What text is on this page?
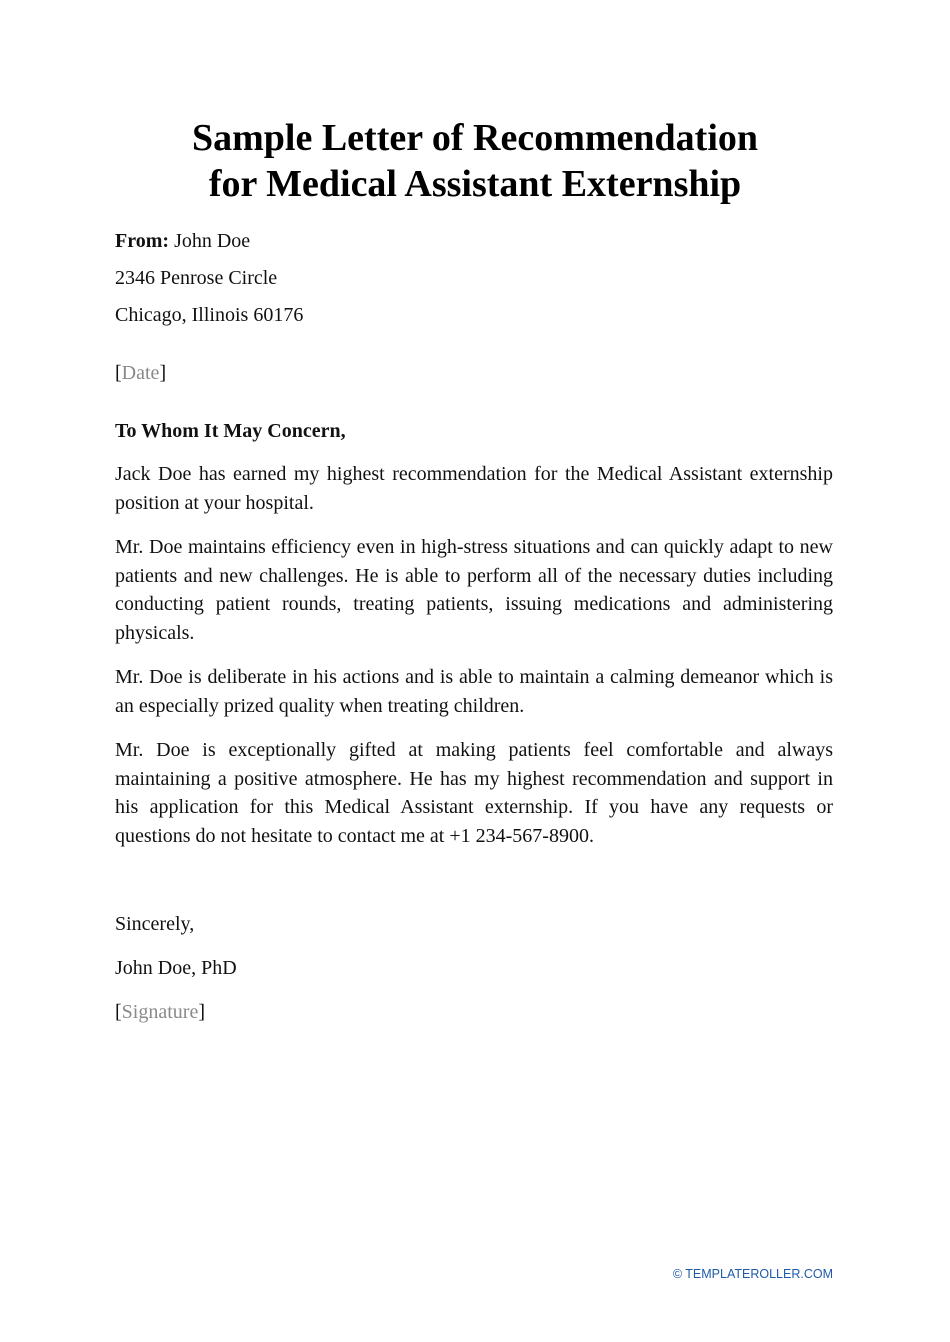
Sample Letter of Recommendation
for Medical Assistant Externship
From: John Doe
2346 Penrose Circle
Chicago, Illinois 60176
[Date]
To Whom It May Concern,

Jack Doe has earned my highest recommendation for the Medical Assistant externship position at your hospital.

Mr. Doe maintains efficiency even in high-stress situations and can quickly adapt to new patients and new challenges. He is able to perform all of the necessary duties including conducting patient rounds, treating patients, issuing medications and administering physicals.

Mr. Doe is deliberate in his actions and is able to maintain a calming demeanor which is an especially prized quality when treating children.

Mr. Doe is exceptionally gifted at making patients feel comfortable and always maintaining a positive atmosphere. He has my highest recommendation and support in his application for this Medical Assistant externship. If you have any requests or questions do not hesitate to contact me at +1 234-567-8900.

Sincerely,
John Doe, PhD
[Signature]
© TEMPLATEROLLER.COM
